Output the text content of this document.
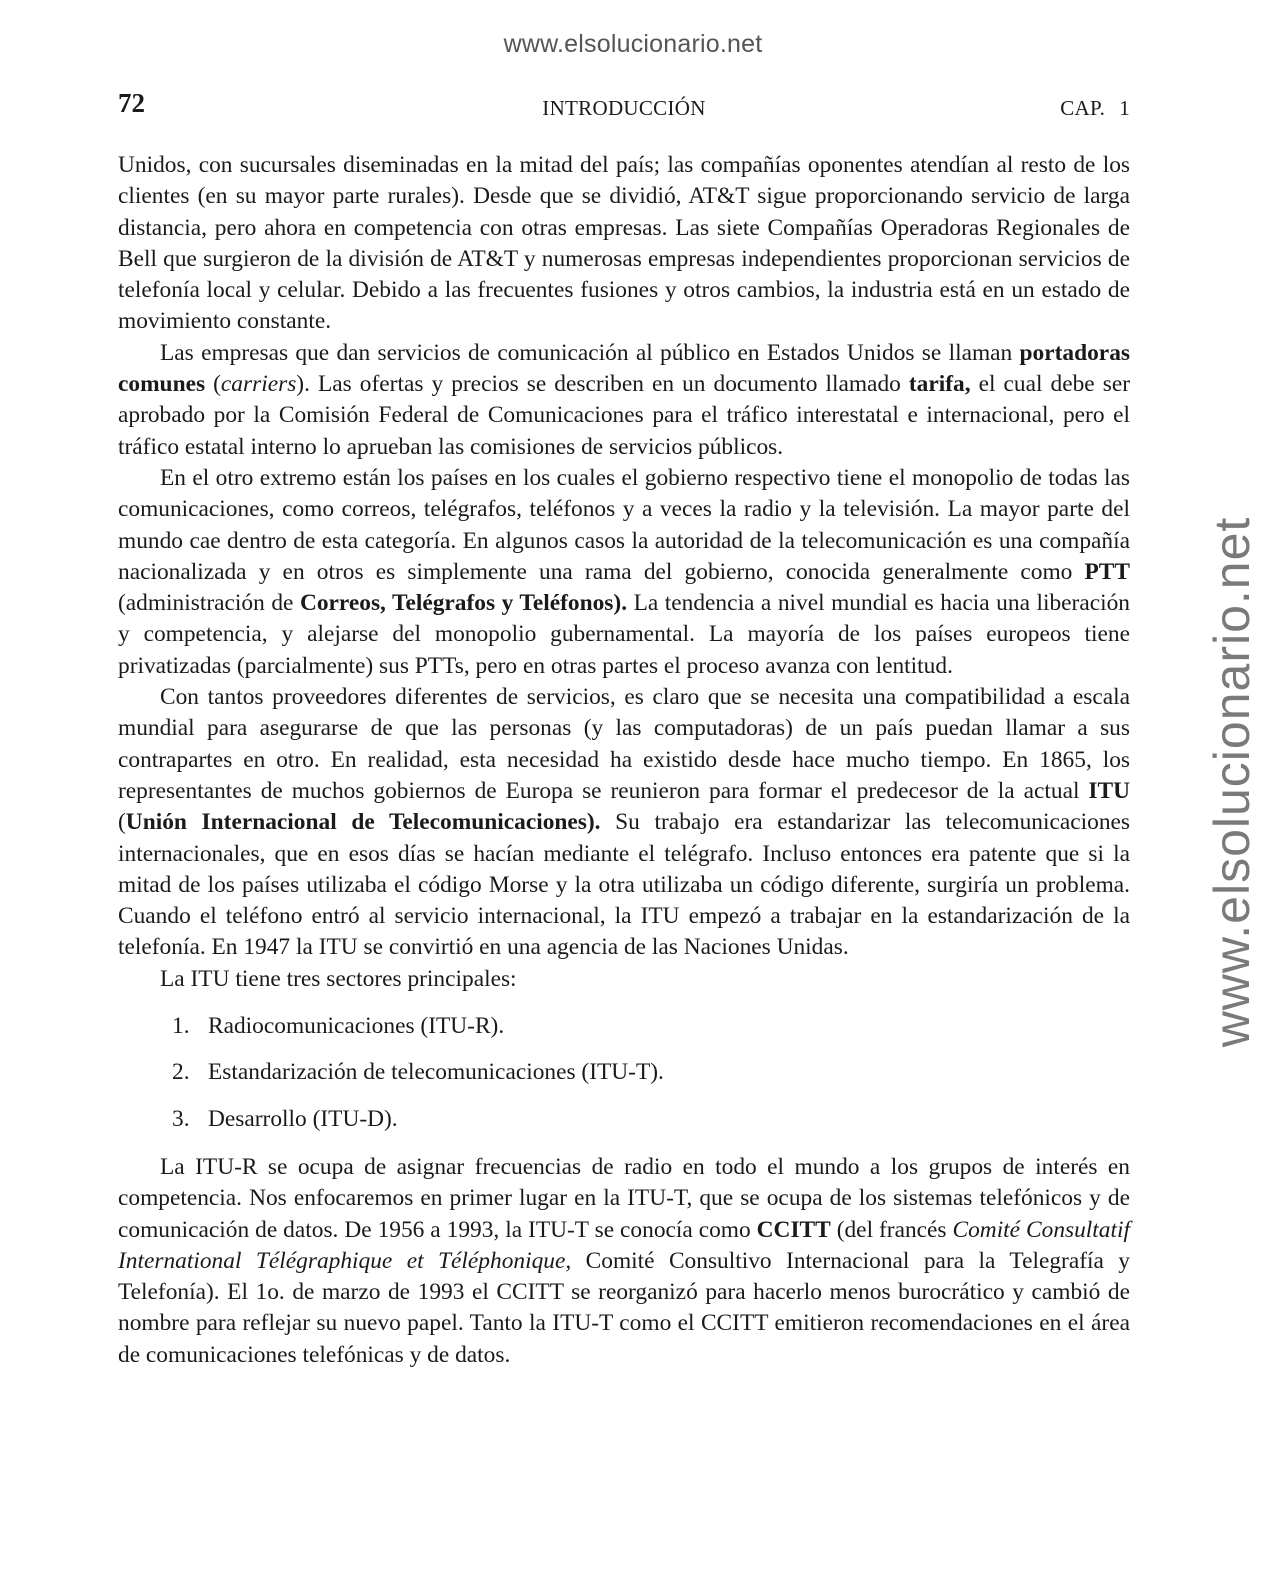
www.elsolucionario.net
www.elsolucionario.net
72	INTRODUCCIÓN	CAP. 1

Unidos, con sucursales diseminadas en la mitad del país; las compañías oponentes atendían al resto de los clientes (en su mayor parte rurales). Desde que se dividió, AT&T sigue proporcionando servicio de larga distancia, pero ahora en competencia con otras empresas. Las siete Compañías Operadoras Regionales de Bell que surgieron de la división de AT&T y numerosas empresas independientes proporcionan servicios de telefonía local y celular. Debido a las frecuentes fusiones y otros cambios, la industria está en un estado de movimiento constante.

Las empresas que dan servicios de comunicación al público en Estados Unidos se llaman portadoras comunes (carriers). Las ofertas y precios se describen en un documento llamado tarifa, el cual debe ser aprobado por la Comisión Federal de Comunicaciones para el tráfico interestatal e internacional, pero el tráfico estatal interno lo aprueban las comisiones de servicios públicos.

En el otro extremo están los países en los cuales el gobierno respectivo tiene el monopolio de todas las comunicaciones, como correos, telégrafos, teléfonos y a veces la radio y la televisión. La mayor parte del mundo cae dentro de esta categoría. En algunos casos la autoridad de la telecomunicación es una compañía nacionalizada y en otros es simplemente una rama del gobierno, conocida generalmente como PTT (administración de Correos, Telégrafos y Teléfonos). La tendencia a nivel mundial es hacia una liberación y competencia, y alejarse del monopolio gubernamental. La mayoría de los países europeos tiene privatizadas (parcialmente) sus PTTs, pero en otras partes el proceso avanza con lentitud.

Con tantos proveedores diferentes de servicios, es claro que se necesita una compatibilidad a escala mundial para asegurarse de que las personas (y las computadoras) de un país puedan llamar a sus contrapartes en otro. En realidad, esta necesidad ha existido desde hace mucho tiempo. En 1865, los representantes de muchos gobiernos de Europa se reunieron para formar el predecesor de la actual ITU (Unión Internacional de Telecomunicaciones). Su trabajo era estandarizar las telecomunicaciones internacionales, que en esos días se hacían mediante el telégrafo. Incluso entonces era patente que si la mitad de los países utilizaba el código Morse y la otra utilizaba un código diferente, surgiría un problema. Cuando el teléfono entró al servicio internacional, la ITU empezó a trabajar en la estandarización de la telefonía. En 1947 la ITU se convirtió en una agencia de las Naciones Unidas.

La ITU tiene tres sectores principales:

1. Radiocomunicaciones (ITU-R).
2. Estandarización de telecomunicaciones (ITU-T).
3. Desarrollo (ITU-D).

La ITU-R se ocupa de asignar frecuencias de radio en todo el mundo a los grupos de interés en competencia. Nos enfocaremos en primer lugar en la ITU-T, que se ocupa de los sistemas telefónicos y de comunicación de datos. De 1956 a 1993, la ITU-T se conocía como CCITT (del francés Comité Consultatif International Télégraphique et Téléphonique, Comité Consultivo Internacional para la Telegrafía y Telefonía). El 1o. de marzo de 1993 el CCITT se reorganizó para hacerlo menos burocrático y cambió de nombre para reflejar su nuevo papel. Tanto la ITU-T como el CCITT emitieron recomendaciones en el área de comunicaciones telefónicas y de datos.
